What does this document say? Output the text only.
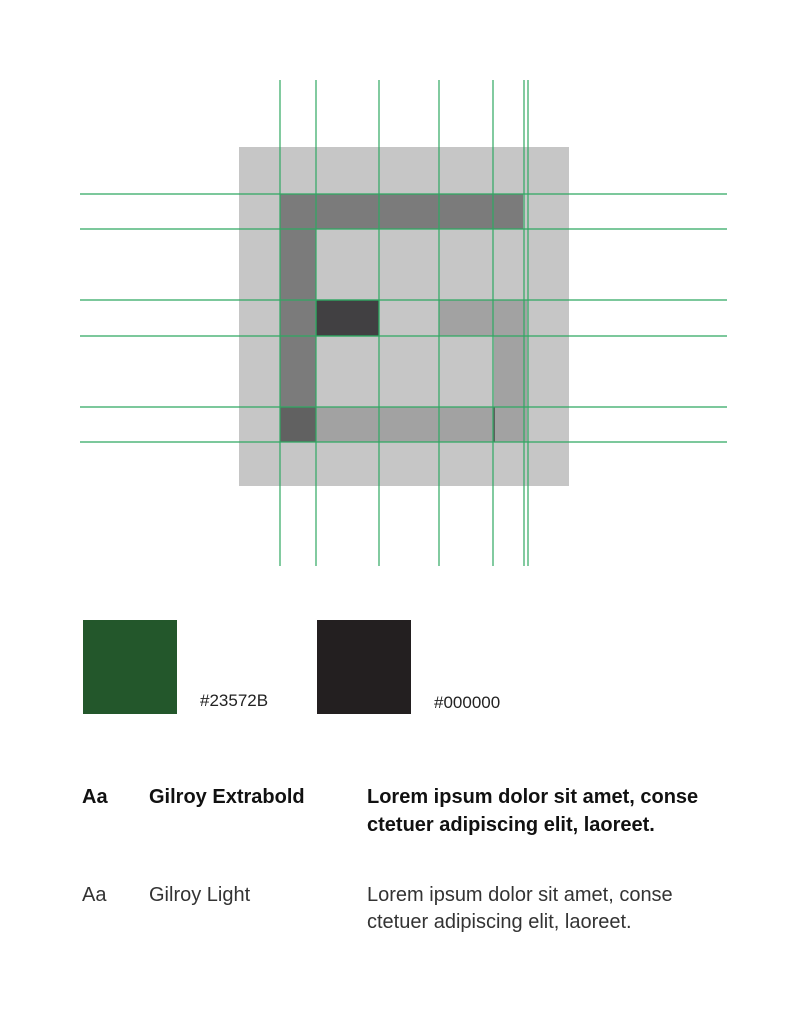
#23572B	#000000
Aa Gilroy Extrabold	Lorem ipsum dolor sit amet, conse
ctetuer adipiscing elit, laoreet.
Aa Gilroy Light	Lorem ipsum dolor sit amet, conse
ctetuer adipiscing elit, laoreet.
